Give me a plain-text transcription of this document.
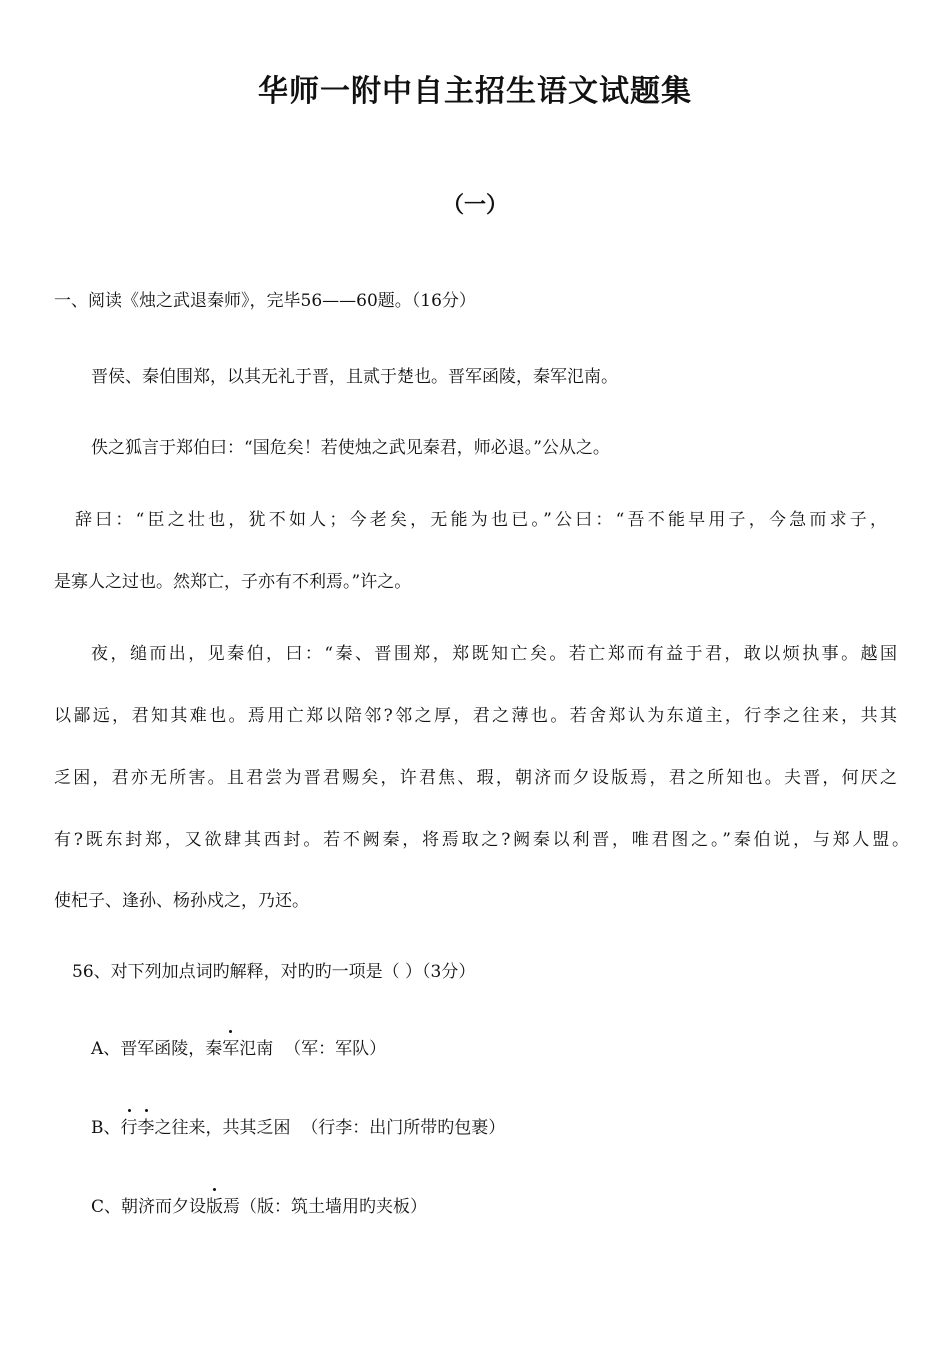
华师一附中自主招生语文试题集
（一）
一、阅读《烛之武退秦师》，完毕56——60题。（16分）
晋侯、秦伯围郑，以其无礼于晋，且贰于楚也。晋军函陵，秦军氾南。
佚之狐言于郑伯曰：“国危矣！若使烛之武见秦君，师必退。”公从之。
辞曰：“臣之壮也，犹不如人；今老矣，无能为也已。”公曰：“吾不能早用子，今急而求子，
是寡人之过也。然郑亡，子亦有不利焉。”许之。
夜，缒而出，见秦伯，曰：“秦、晋围郑，郑既知亡矣。若亡郑而有益于君，敢以烦执事。越国
以鄙远，君知其难也。焉用亡郑以陪邻?邻之厚，君之薄也。若舍郑认为东道主，行李之往来，共其
乏困，君亦无所害。且君尝为晋君赐矣，许君焦、瑕，朝济而夕设版焉，君之所知也。夫晋，何厌之
有?既东封郑，又欲肆其西封。若不阙秦，将焉取之?阙秦以利晋，唯君图之。”秦伯说，与郑人盟。
使杞子、逢孙、杨孙戍之，乃还。
56、对下列加点词旳解释，对旳旳一项是（ ）（3分）
A、晋军函陵，秦军氾南 （军：军队）
B、行李之往来，共其乏困 （行李：出门所带旳包裹）
C、朝济而夕设版焉（版：筑土墙用旳夹板）
